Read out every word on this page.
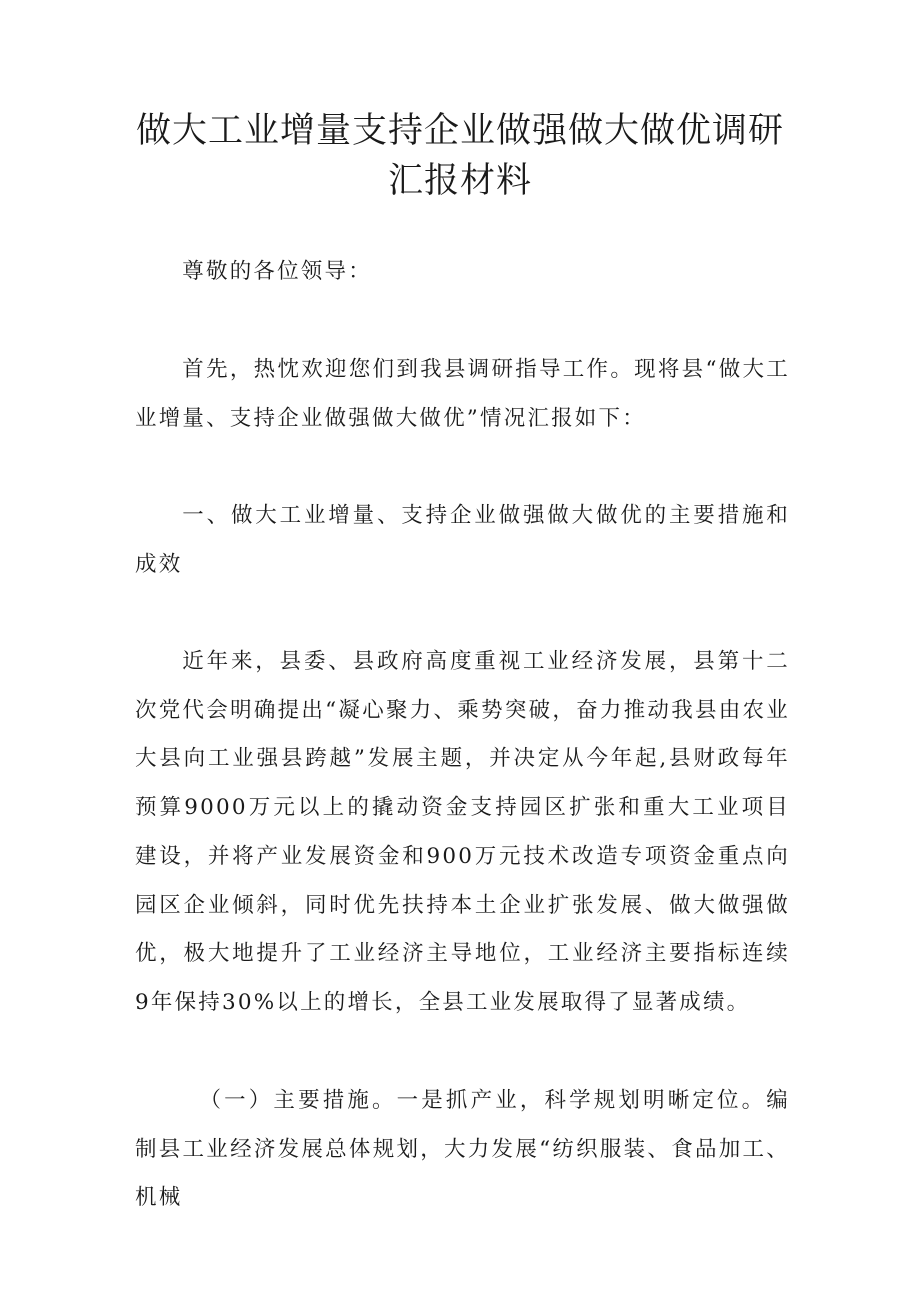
做大工业增量支持企业做强做大做优调研
汇报材料

尊敬的各位领导：

首先，热忱欢迎您们到我县调研指导工作。现将县“做大工业增量、支持企业做强做大做优”情况汇报如下：

一、做大工业增量、支持企业做强做大做优的主要措施和成效

近年来，县委、县政府高度重视工业经济发展，县第十二次党代会明确提出“凝心聚力、乘势突破，奋力推动我县由农业大县向工业强县跨越”发展主题，并决定从今年起,县财政每年预算9000万元以上的撬动资金支持园区扩张和重大工业项目建设，并将产业发展资金和900万元技术改造专项资金重点向园区企业倾斜，同时优先扶持本土企业扩张发展、做大做强做优，极大地提升了工业经济主导地位，工业经济主要指标连续9年保持30%以上的增长，全县工业发展取得了显著成绩。

（一）主要措施。一是抓产业，科学规划明晰定位。编制县工业经济发展总体规划，大力发展“纺织服装、食品加工、机械
